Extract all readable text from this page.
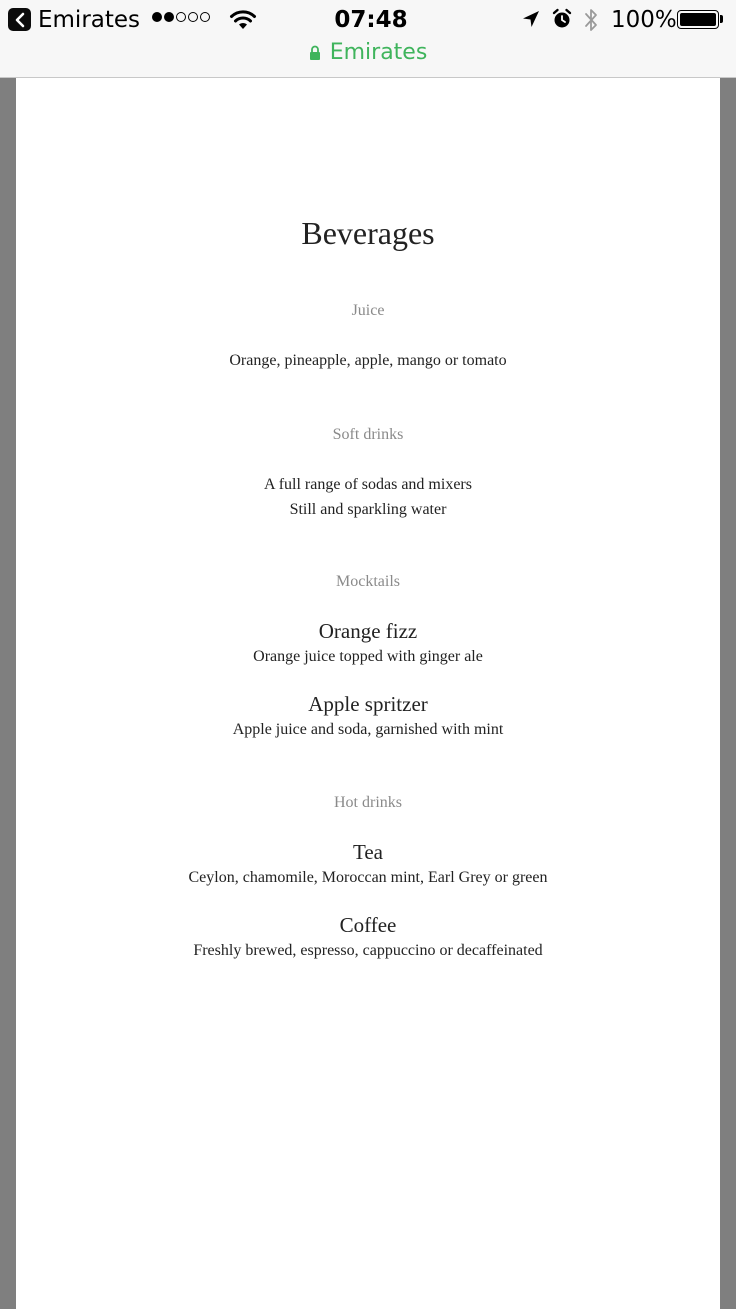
Emirates	07:48	100%
Emirates
Beverages
Juice
Orange, pineapple, apple, mango or tomato
Soft drinks
A full range of sodas and mixers
Still and sparkling water
Mocktails
Orange fizz
Orange juice topped with ginger ale
Apple spritzer
Apple juice and soda, garnished with mint
Hot drinks
Tea
Ceylon, chamomile, Moroccan mint, Earl Grey or green
Coffee
Freshly brewed, espresso, cappuccino or decaffeinated
